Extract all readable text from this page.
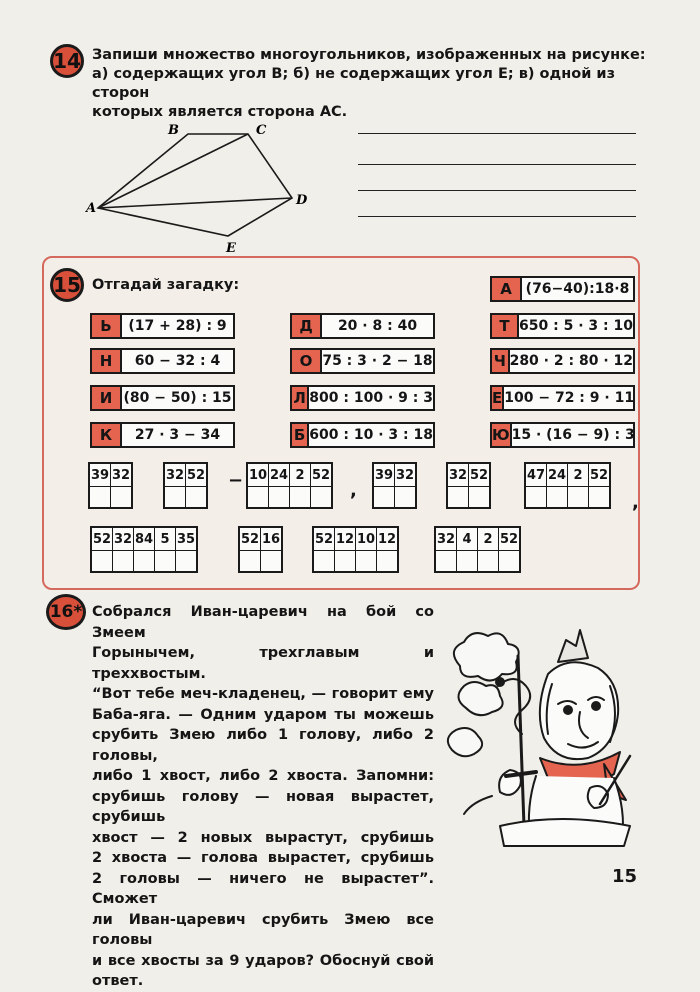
14 Запиши множество многоугольников, изображенных на рисунке:
а) содержащих угол B; б) не содержащих угол E; в) одной из сторон
которых является сторона AC.
A
B	C
D
E
15 Отгадай загадку:	А (76−40):18·8
Ь	(17 + 28) : 9	Д	20 · 8 : 40	Т 650 : 5 · 3 : 10
Н	60 − 32 : 4	О 75 : 3 · 2 − 18	Ч 280 · 2 : 80 · 12
И (80 − 50) : 15	Л 800 : 100 · 9 : 3	Е 100 − 72 : 9 · 11
К	27 · 3 − 34	Б 600 : 10 · 3 : 18	Ю 15 · (16 − 9) : 3
39 32	32 52 − 10 24 2 52
,
39 32	32 52	47 24 2 52
,
52 32 84 5 35	52 16	52 12 10 12	32 4 2 52
16* Собрался Иван-царевич на бой со Змеем
Горынычем, трехглавым и треххвостым.
“Вот тебе меч-кладенец, — говорит ему
Баба-яга. — Одним ударом ты можешь
срубить Змею либо 1 голову, либо 2 головы,
либо 1 хвост, либо 2 хвоста. Запомни:
срубишь голову — новая вырастет, срубишь
хвост — 2 новых вырастут, срубишь
2 хвоста — голова вырастет, срубишь
2 головы — ничего не вырастет”. Сможет
ли Иван-царевич срубить Змею все головы
и все хвосты за 9 ударов? Обоснуй свой
ответ.
15
